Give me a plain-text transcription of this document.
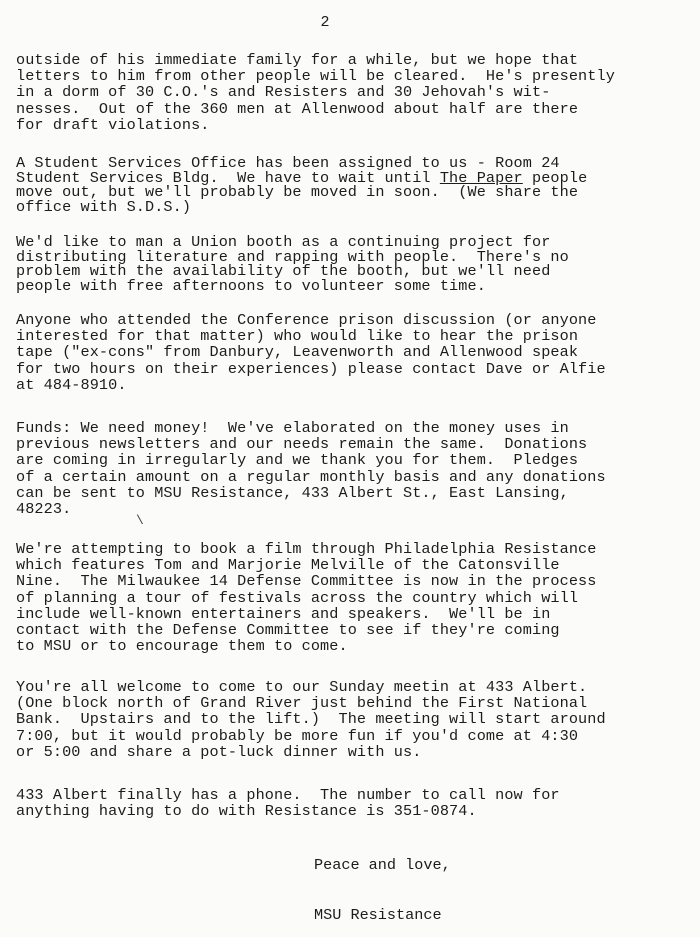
2

outside of his immediate family for a while, but we hope that
letters to him from other people will be cleared.  He's presently
in a dorm of 30 C.O.'s and Resisters and 30 Jehovah's wit-
nesses.  Out of the 360 men at Allenwood about half are there
for draft violations.

A Student Services Office has been assigned to us - Room 24
Student Services Bldg.  We have to wait until The Paper people
move out, but we'll probably be moved in soon.  (We share the
office with S.D.S.)

We'd like to man a Union booth as a continuing project for
distributing literature and rapping with people.  There's no
problem with the availability of the booth, but we'll need
people with free afternoons to volunteer some time.

Anyone who attended the Conference prison discussion (or anyone
interested for that matter) who would like to hear the prison
tape ("ex-cons" from Danbury, Leavenworth and Allenwood speak
for two hours on their experiences) please contact Dave or Alfie
at 484-8910.

Funds: We need money!  We've elaborated on the money uses in
previous newsletters and our needs remain the same.  Donations
are coming in irregularly and we thank you for them.  Pledges
of a certain amount on a regular monthly basis and any donations
can be sent to MSU Resistance, 433 Albert St., East Lansing,
48223.

\

We're attempting to book a film through Philadelphia Resistance
which features Tom and Marjorie Melville of the Catonsville
Nine.  The Milwaukee 14 Defense Committee is now in the process
of planning a tour of festivals across the country which will
include well-known entertainers and speakers.  We'll be in
contact with the Defense Committee to see if they're coming
to MSU or to encourage them to come.

You're all welcome to come to our Sunday meetin at 433 Albert.
(One block north of Grand River just behind the First National
Bank.  Upstairs and to the lift.)  The meeting will start around
7:00, but it would probably be more fun if you'd come at 4:30
or 5:00 and share a pot-luck dinner with us.

433 Albert finally has a phone.  The number to call now for
anything having to do with Resistance is 351-0874.

Peace and love,
MSU Resistance
